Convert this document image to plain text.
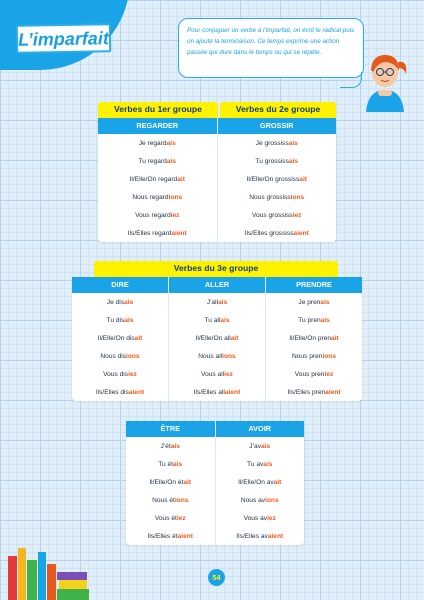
L’imparfait	Pour conjuguer un verbe à l’imparfait, on écrit le radical puis on ajoute la terminaison. Ce temps exprime une action passée qui dure dans le temps ou qui se répète.
Verbes du 1er groupe	Verbes du 2e groupe
REGARDER
Je regard ais
Tu regard ais
Il/Elle/On regard ait
Nous regard ions
Vous regard iez
Ils/Elles regard aient
GROSSIR
Je grossiss ais
Tu grossiss ais
Il/Elle/On grossiss ait
Nous grossiss ions
Vous grossiss iez
Ils/Elles grossiss aient
Verbes du 3e groupe
DIRE
Je dis ais
Tu dis ais
Il/Elle/On dis ait
Nous dis ions
Vous dis iez
Ils/Elles dis aient
ALLER
J’all ais
Tu all ais
Il/Elle/On all ait
Nous all ions
Vous all iez
Ils/Elles all aient
PRENDRE
Je pren ais
Tu pren ais
Il/Elle/On pren ait
Nous pren ions
Vous pren iez
Ils/Elles pren aient
ÊTRE
J’ét ais
Tu ét ais
Il/Elle/On ét ait
Nous ét ions
Vous ét iez
Ils/Elles ét aient
AVOIR
J’av ais
Tu av ais
Il/Elle/On av ait
Nous av ions
Vous av iez
Ils/Elles av aient
54
